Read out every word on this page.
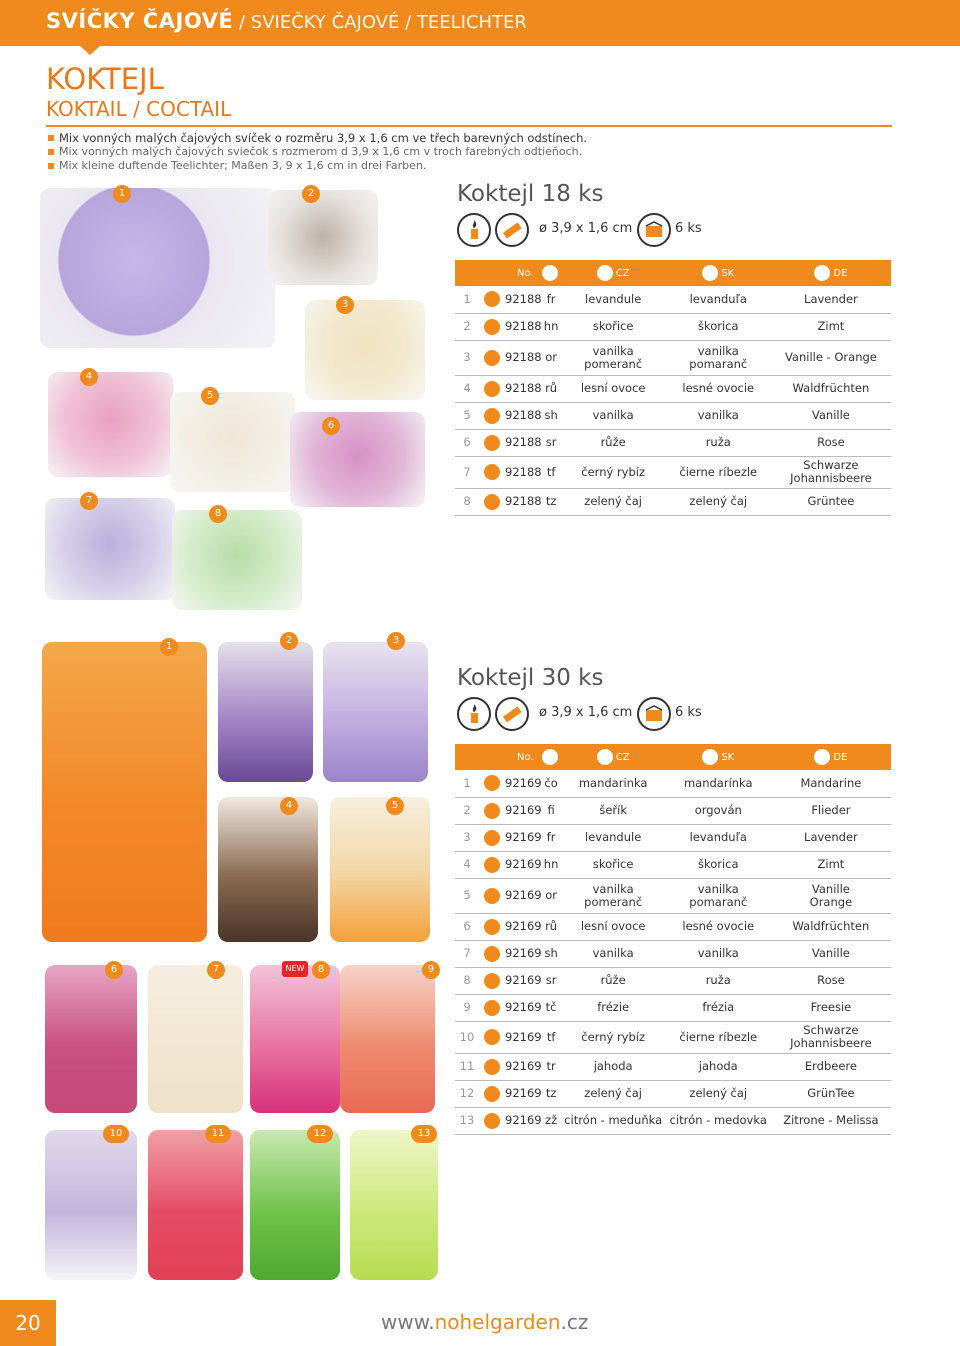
SVÍČKY ČAJOVÉ / SVIEČKY ČAJOVÉ / TEELICHTER
KOKTEJL
KOKTAIL / COCTAIL
Mix vonných malých čajových svíček o rozměru 3,9 x 1,6 cm ve třech barevných odstínech.
Mix vonných malých čajových sviečok s rozmerom d 3,9 x 1,6 cm v troch farebných odtieňoch.
Mix kleine duftende Teelichter; Maßen 3, 9 x 1,6 cm in drei Farben.
1	2
3
4
5
6
7
8
Koktejl 18 ks
ø 3,9 x 1,6 cm	6 ks
No.				CZ	SK	DE
1		92188	fr	levandule	levanduľa	Lavender
2		92188	hn	skořice	škorica	Zimt
3		92188	or	vanilka pomeranč	vanilka pomaranč	Vanille - Orange
4		92188	rů	lesní ovoce	lesné ovocie	Waldfrüchten
5		92188	sh	vanilka	vanilka	Vanille
6		92188	sr	růže	ruža	Rose
7		92188	tf	černý rybíz	čierne ríbezle	Schwarze Johannisbeere
8		92188	tz	zelený čaj	zelený čaj	Grüntee
1
2	3
4	5
6	7	NEW	8	9
10	11	12	13
Koktejl 30 ks
ø 3,9 x 1,6 cm	6 ks
No.				CZ	SK	DE
1		92169	čo	mandarinka	mandarínka	Mandarine
2		92169	fi	šeřík	orgován	Flieder
3		92169	fr	levandule	levanduľa	Lavender
4		92169	hn	skořice	škorica	Zimt
5		92169	or	vanilka pomeranč	vanilka pomaranč	Vanille Orange
6		92169	rů	lesní ovoce	lesné ovocie	Waldfrüchten
7		92169	sh	vanilka	vanilka	Vanille
8		92169	sr	růže	ruža	Rose
9		92169	tč	frézie	frézia	Freesie
10		92169	tf	černý rybíz	čierne ríbezle	Schwarze Johannisbeere
11		92169	tr	jahoda	jahoda	Erdbeere
12		92169	tz	zelený čaj	zelený čaj	GrünTee
13		92169	zž	citrón - meduňka	citrón - medovka	Zitrone - Melissa
20	www.nohelgarden.cz
